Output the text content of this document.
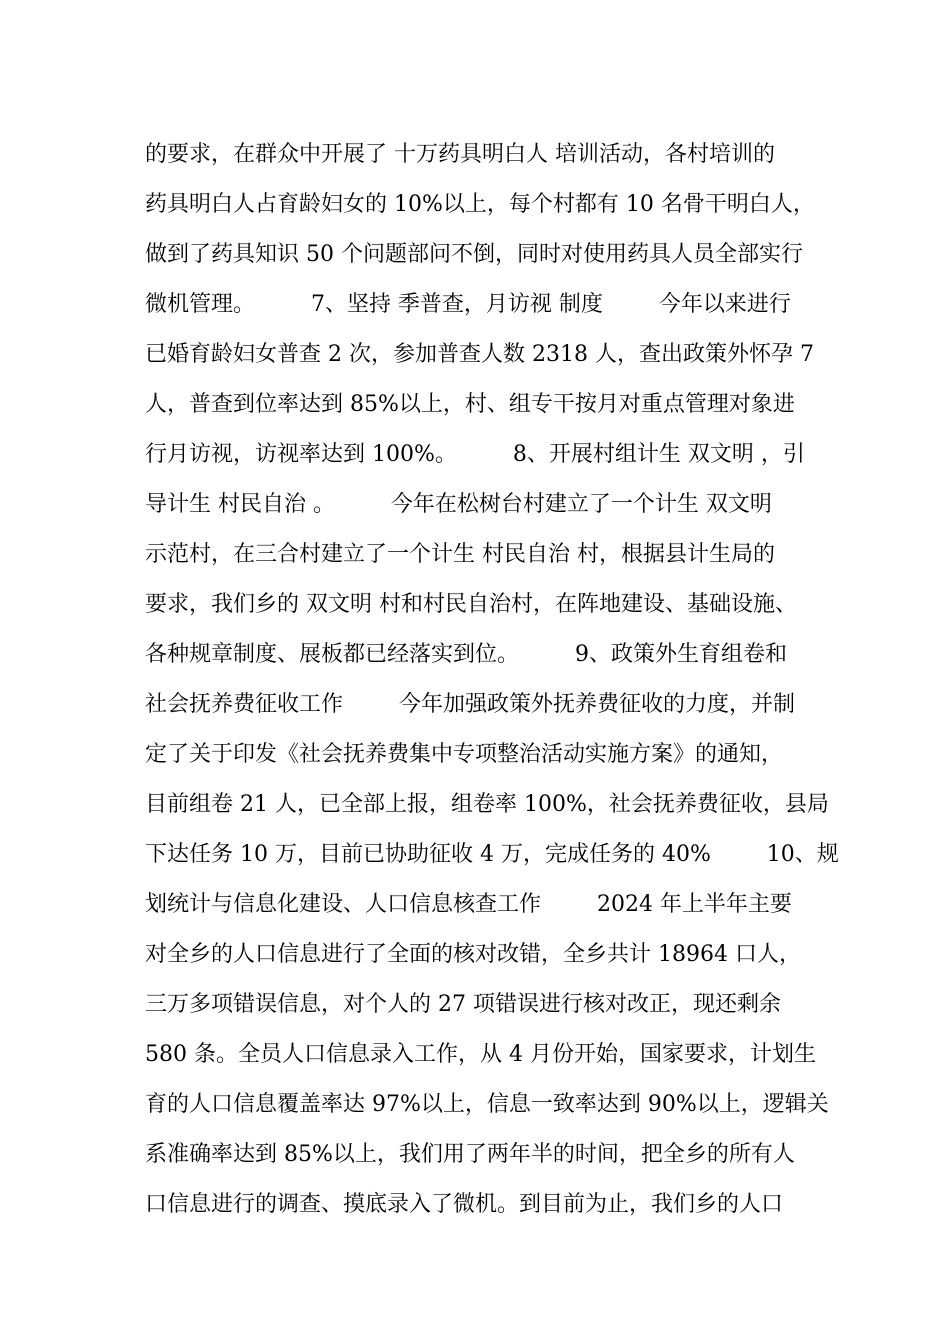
的要求，在群众中开展了 十万药具明白人 培训活动，各村培训的
药具明白人占育龄妇女的 10%以上，每个村都有 10 名骨干明白人，
做到了药具知识 50 个问题部问不倒，同时对使用药具人员全部实行
微机管理。        7、坚持 季普查，月访视 制度        今年以来进行
已婚育龄妇女普查 2 次，参加普查人数 2318 人，查出政策外怀孕 7
人，普查到位率达到 85%以上，村、组专干按月对重点管理对象进
行月访视，访视率达到 100%。        8、开展村组计生 双文明 ，引
导计生 村民自治 。        今年在松树台村建立了一个计生 双文明
示范村，在三合村建立了一个计生 村民自治 村，根据县计生局的
要求，我们乡的 双文明 村和村民自治村，在阵地建设、基础设施、
各种规章制度、展板都已经落实到位。        9、政策外生育组卷和
社会抚养费征收工作        今年加强政策外抚养费征收的力度，并制
定了关于印发《社会抚养费集中专项整治活动实施方案》的通知，
目前组卷 21 人，已全部上报，组卷率 100%，社会抚养费征收，县局
下达任务 10 万，目前已协助征收 4 万，完成任务的 40%        10、规
划统计与信息化建设、人口信息核查工作        2024 年上半年主要
对全乡的人口信息进行了全面的核对改错，全乡共计 18964 口人，
三万多项错误信息，对个人的 27 项错误进行核对改正，现还剩余
580 条。全员人口信息录入工作，从 4 月份开始，国家要求，计划生
育的人口信息覆盖率达 97%以上，信息一致率达到 90%以上，逻辑关
系准确率达到 85%以上，我们用了两年半的时间，把全乡的所有人
口信息进行的调查、摸底录入了微机。到目前为止，我们乡的人口
